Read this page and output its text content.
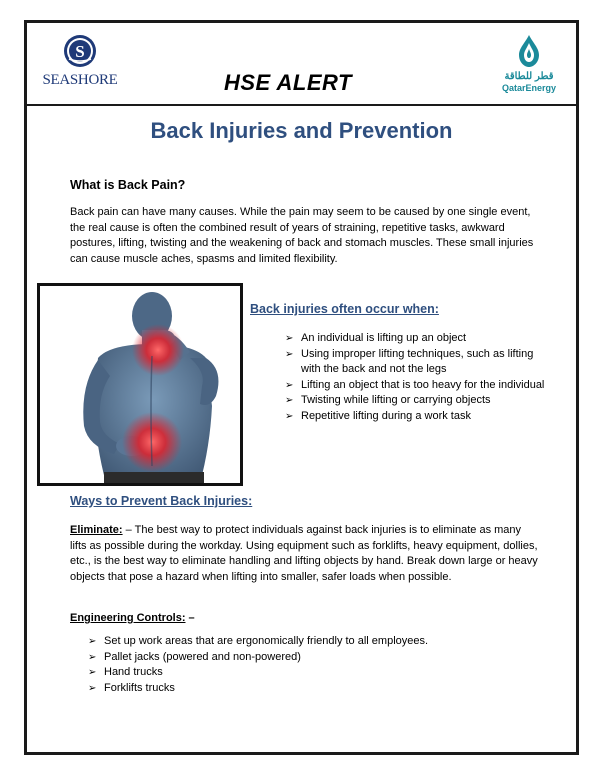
S
SEASHORE	HSE ALERT	قطر للطاقة
QatarEnergy
Back Injuries and Prevention
What is Back Pain?
Back pain can have many causes. While the pain may seem to be caused by one single event, the real cause is often the combined result of years of straining, repetitive tasks, awkward postures, lifting, twisting and the weakening of back and stomach muscles. These small injuries can cause muscle aches, spasms and limited flexibility.
Back injuries often occur when:
➢ An individual is lifting up an object
➢ Using improper lifting techniques, such as lifting with the back and not the legs
➢ Lifting an object that is too heavy for the individual
➢ Twisting while lifting or carrying objects
➢ Repetitive lifting during a work task
Ways to Prevent Back Injuries:
Eliminate: – The best way to protect individuals against back injuries is to eliminate as many lifts as possible during the workday. Using equipment such as forklifts, heavy equipment, dollies, etc., is the best way to eliminate handling and lifting objects by hand. Break down large or heavy objects that pose a hazard when lifting into smaller, safer loads when possible.
Engineering Controls: –
➢ Set up work areas that are ergonomically friendly to all employees.
➢ Pallet jacks (powered and non-powered)
➢ Hand trucks
➢ Forklifts trucks
